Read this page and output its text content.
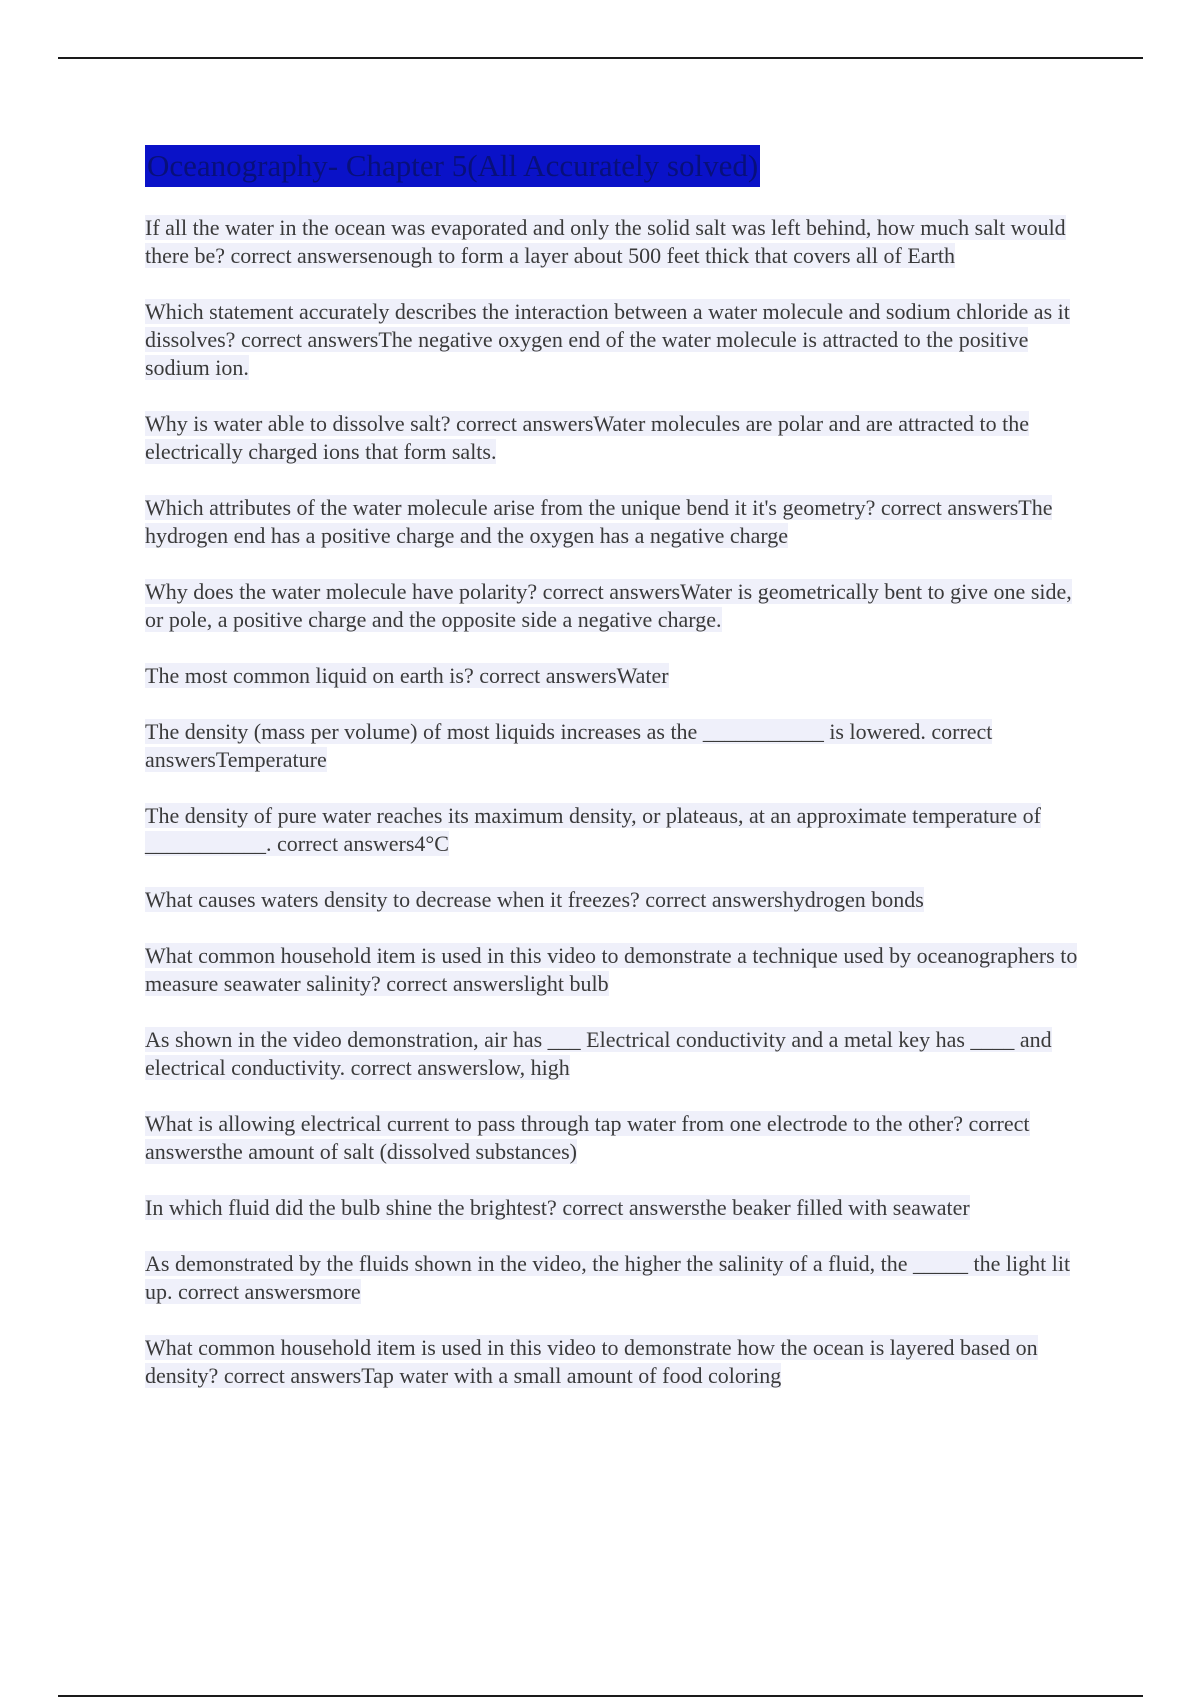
Oceanography- Chapter 5(All Accurately solved)

If all the water in the ocean was evaporated and only the solid salt was left behind, how much salt would there be? correct answersenough to form a layer about 500 feet thick that covers all of Earth

Which statement accurately describes the interaction between a water molecule and sodium chloride as it dissolves? correct answersThe negative oxygen end of the water molecule is attracted to the positive sodium ion.

Why is water able to dissolve salt? correct answersWater molecules are polar and are attracted to the electrically charged ions that form salts.

Which attributes of the water molecule arise from the unique bend it it's geometry? correct answersThe hydrogen end has a positive charge and the oxygen has a negative charge

Why does the water molecule have polarity? correct answersWater is geometrically bent to give one side, or pole, a positive charge and the opposite side a negative charge.

The most common liquid on earth is? correct answersWater

The density (mass per volume) of most liquids increases as the ___________ is lowered. correct answersTemperature

The density of pure water reaches its maximum density, or plateaus, at an approximate temperature of ___________. correct answers4°C

What causes waters density to decrease when it freezes? correct answershydrogen bonds

What common household item is used in this video to demonstrate a technique used by oceanographers to measure seawater salinity? correct answerslight bulb

As shown in the video demonstration, air has ___ Electrical conductivity and a metal key has ____ and electrical conductivity. correct answerslow, high

What is allowing electrical current to pass through tap water from one electrode to the other? correct answersthe amount of salt (dissolved substances)

In which fluid did the bulb shine the brightest? correct answersthe beaker filled with seawater

As demonstrated by the fluids shown in the video, the higher the salinity of a fluid, the _____ the light lit up. correct answersmore

What common household item is used in this video to demonstrate how the ocean is layered based on density? correct answersTap water with a small amount of food coloring
